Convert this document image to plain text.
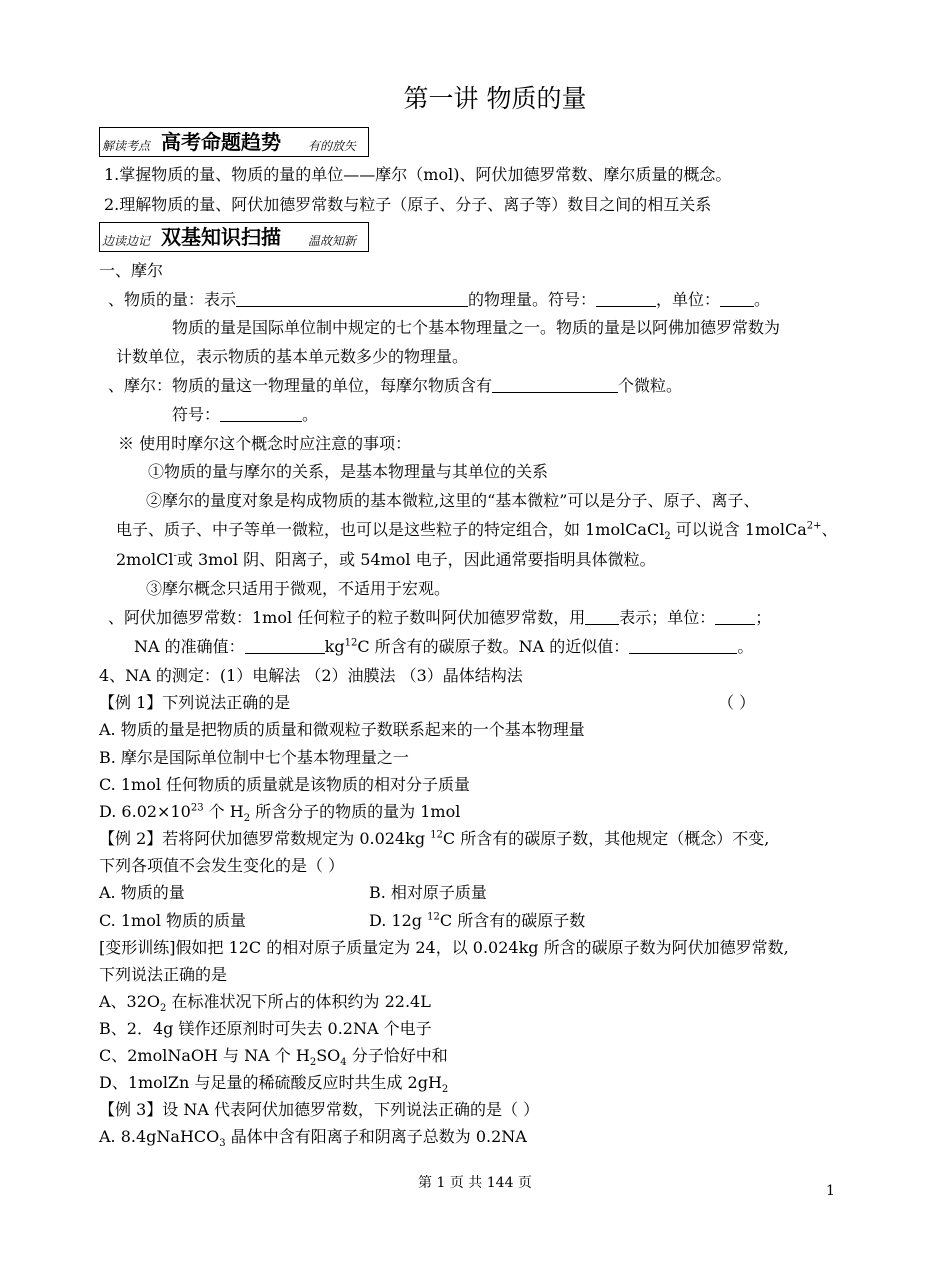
第一讲 物质的量
解读考点 高考命题趋势 有的放矢
1.掌握物质的量、物质的量的单位——摩尔（mol)、阿伏加德罗常数、摩尔质量的概念。
2.理解物质的量、阿伏加德罗常数与粒子（原子、分子、离子等）数目之间的相互关系
边读边记 双基知识扫描 温故知新
一、摩尔
、物质的量：表示	的物理量。符号：	，单位： 。
物质的量是国际单位制中规定的七个基本物理量之一。物质的量是以阿佛加德罗常数为
计数单位，表示物质的基本单元数多少的物理量。
、摩尔：物质的量这一物理量的单位，每摩尔物质含有	个微粒。
符号：	。
※ 使用时摩尔这个概念时应注意的事项：
①物质的量与摩尔的关系，是基本物理量与其单位的关系
②摩尔的量度对象是构成物质的基本微粒,这里的“基本微粒”可以是分子、原子、离子、
电子、质子、中子等单一微粒，也可以是这些粒子的特定组合，如 1molCaCl$_2$ 可以说含 1molCa$^{2+}$、
2molCl-或 3mol 阴、阳离子，或 54mol 电子，因此通常要指明具体微粒。
③摩尔概念只适用于微观，不适用于宏观。
、阿伏加德罗常数：1mol 任何粒子的粒子数叫阿伏加德罗常数，用 表示；单位：	；
NA 的准确值：	$kg^{12}C$ 所含有的碳原子数。NA 的近似值：	。
4、NA 的测定：(1）电解法 （2）油膜法 （3）晶体结构法
【例 1】下列说法正确的是	（ ）
A. 物质的量是把物质的质量和微观粒子数联系起来的一个基本物理量
B. 摩尔是国际单位制中七个基本物理量之一
C. 1mol 任何物质的质量就是该物质的相对分子质量
D. $6.02\times 10^{23}$ 个 $H_2$ 所含分子的物质的量为 1mol
【例 2】若将阿伏加德罗常数规定为 0.024kg $^{12}$C 所含有的碳原子数，其他规定（概念）不变,
下列各项值不会发生变化的是（ ）
A. 物质的量	B. 相对原子质量
C. 1mol 物质的质量	D. 12g $^{12}$C 所含有的碳原子数
[变形训练]假如把 12C 的相对原子质量定为 24，以 0.024kg 所含的碳原子数为阿伏加德罗常数,
下列说法正确的是
A、$32O_2$ 在标准状况下所占的体积约为 22.4L
B、2．4g 镁作还原剂时可失去 0.2NA 个电子
C、2molNaOH 与 NA 个 $H_2SO_4$ 分子恰好中和
D、1molZn 与足量的稀硫酸反应时共生成 $2gH_2$
【例 3】设 NA 代表阿伏加德罗常数，下列说法正确的是（ ）
A. 8.4gNaHCO$_3$ 晶体中含有阳离子和阴离子总数为 0.2NA
第 1 页 共 144 页	1
